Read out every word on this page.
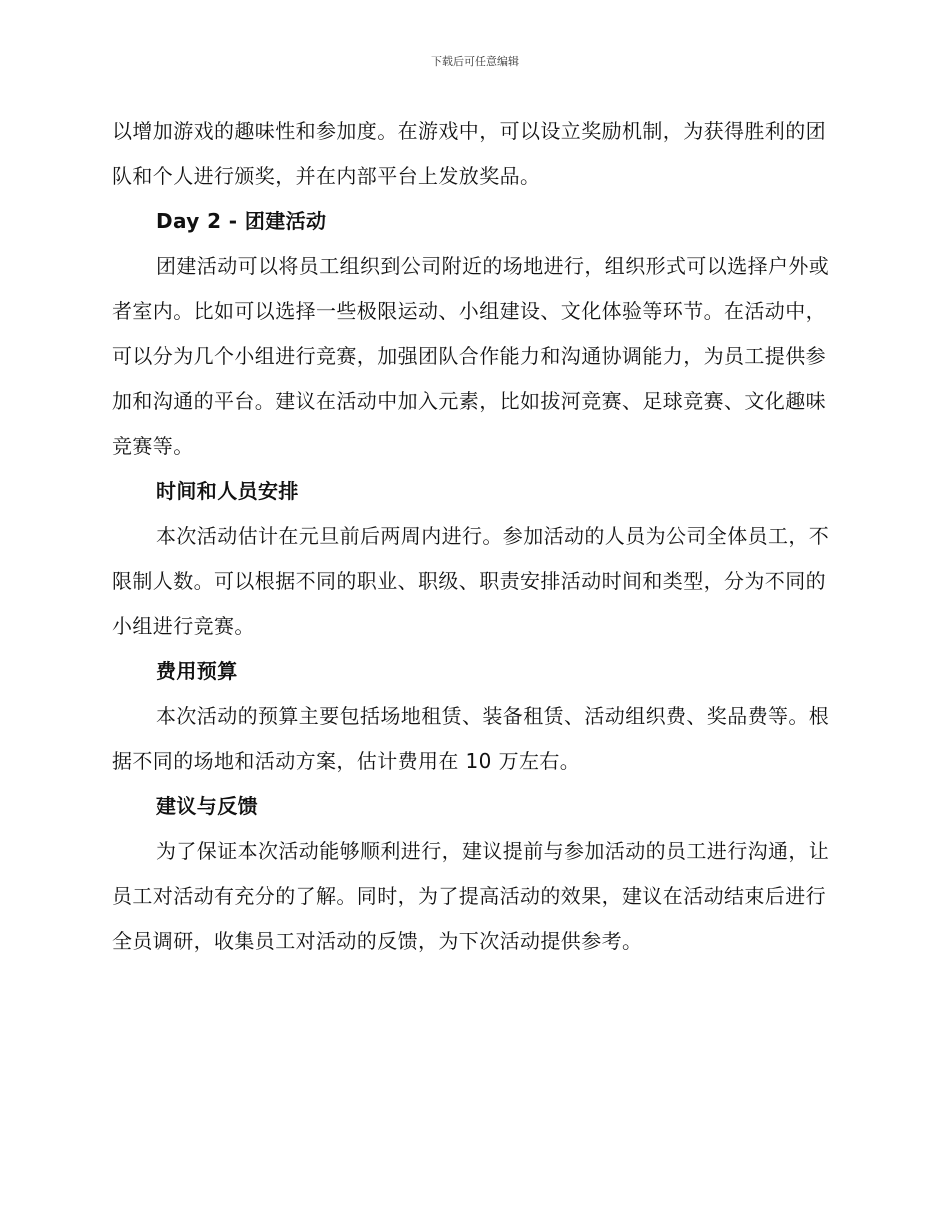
下载后可任意编辑

以增加游戏的趣味性和参加度。在游戏中，可以设立奖励机制，为获得胜利的团队和个人进行颁奖，并在内部平台上发放奖品。

Day 2 - 团建活动

团建活动可以将员工组织到公司附近的场地进行，组织形式可以选择户外或者室内。比如可以选择一些极限运动、小组建设、文化体验等环节。在活动中，可以分为几个小组进行竞赛，加强团队合作能力和沟通协调能力，为员工提供参加和沟通的平台。建议在活动中加入元素，比如拔河竞赛、足球竞赛、文化趣味竞赛等。

时间和人员安排

本次活动估计在元旦前后两周内进行。参加活动的人员为公司全体员工，不限制人数。可以根据不同的职业、职级、职责安排活动时间和类型，分为不同的小组进行竞赛。

费用预算

本次活动的预算主要包括场地租赁、装备租赁、活动组织费、奖品费等。根据不同的场地和活动方案，估计费用在 10 万左右。

建议与反馈

为了保证本次活动能够顺利进行，建议提前与参加活动的员工进行沟通，让员工对活动有充分的了解。同时，为了提高活动的效果，建议在活动结束后进行全员调研，收集员工对活动的反馈，为下次活动提供参考。
